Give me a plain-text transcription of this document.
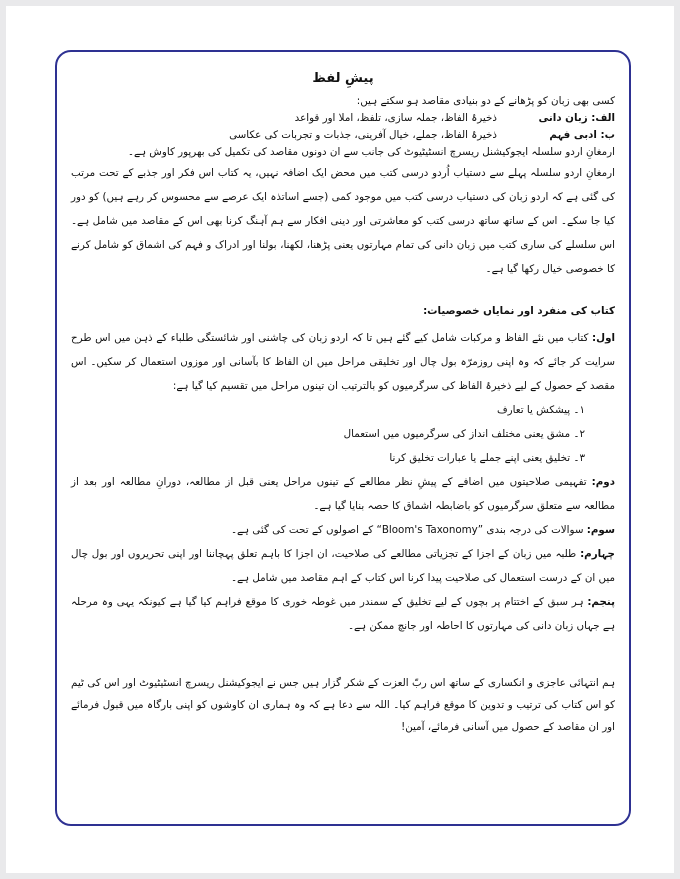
پیشِ لفظ

کسی بھی زبان کو پڑھانے کے دو بنیادی مقاصد ہو سکتے ہیں:

الف: زبان دانی
ذخیرۂ الفاظ، جملہ سازی، تلفظ، املا اور قواعد
ب: ادبی فہم
ذخیرۂ الفاظ، جملے، خیال آفرینی، جذبات و تجربات کی عکاسی

ارمغانِ اردو سلسلہ ایجوکیشنل ریسرچ انسٹیٹیوٹ کی جانب سے ان دونوں مقاصد کی تکمیل کی بھرپور کاوش ہے۔

ارمغانِ اردو سلسلہ پہلے سے دستیاب اُردو درسی کتب میں محض ایک اضافہ نہیں، یہ کتاب اس فکر اور جذبے کے تحت مرتب کی گئی ہے کہ اردو زبان کی دستیاب درسی کتب میں موجود کمی (جسے اساتذہ ایک عرصے سے محسوس کر رہے ہیں) کو دور کیا جا سکے۔ اس کے ساتھ ساتھ درسی کتب کو معاشرتی اور دینی افکار سے ہم آہنگ کرنا بھی اس کے مقاصد میں شامل ہے۔ اس سلسلے کی ساری کتب میں زبان دانی کی تمام مہارتوں یعنی پڑھنا، لکھنا، بولنا اور ادراک و فہم کی اشماق کو شامل کرنے کا خصوصی خیال رکھا گیا ہے۔

کتاب کی منفرد اور نمایاں خصوصیات:

اول: کتاب میں نئے الفاظ و مرکبات شامل کیے گئے ہیں تا کہ اردو زبان کی چاشنی اور شائستگی طلباء کے ذہن میں اس طرح سرایت کر جائے کہ وہ اپنی روزمرّہ بول چال اور تخلیقی مراحل میں ان الفاظ کا بآسانی اور موزوں استعمال کر سکیں۔ اس مقصد کے حصول کے لیے ذخیرۂ الفاظ کی سرگرمیوں کو بالترتیب ان تینوں مراحل میں تقسیم کیا گیا ہے:

۱۔ پیشکش یا تعارف
۲۔ مشق یعنی مختلف انداز کی سرگرمیوں میں استعمال
۳۔ تخلیق یعنی اپنے جملے یا عبارات تخلیق کرنا

دوم: تفہیمی صلاحیتوں میں اضافے کے پیشِ نظر مطالعے کے تینوں مراحل یعنی قبل از مطالعہ، دورانِ مطالعہ اور بعد از مطالعہ سے متعلق سرگرمیوں کو باضابطہ اشماق کا حصہ بنایا گیا ہے۔

سوم: سوالات کی درجہ بندی “Bloom's Taxonomy” کے اصولوں کے تحت کی گئی ہے۔

چہارم: طلبہ میں زبان کے اجزا کے تجزیاتی مطالعے کی صلاحیت، ان اجزا کا باہم تعلق پہچاننا اور اپنی تحریروں اور بول چال میں ان کے درست استعمال کی صلاحیت پیدا کرنا اس کتاب کے اہم مقاصد میں شامل ہے۔

پنجم: ہر سبق کے اختتام پر بچوں کے لیے تخلیق کے سمندر میں غوطہ خوری کا موقع فراہم کیا گیا ہے کیونکہ یہی وہ مرحلہ ہے جہاں زبان دانی کی مہارتوں کا احاطہ اور جانچ ممکن ہے۔

ہم انتہائی عاجزی و انکساری کے ساتھ اس ربّ العزت کے شکر گزار ہیں جس نے ایجوکیشنل ریسرچ انسٹیٹیوٹ اور اس کی ٹیم کو اس کتاب کی ترتیب و تدوین کا موقع فراہم کیا۔ اللہ سے دعا ہے کہ وہ ہماری ان کاوشوں کو اپنی بارگاہ میں قبول فرمائے اور ان مقاصد کے حصول میں آسانی فرمائے، آمین!
